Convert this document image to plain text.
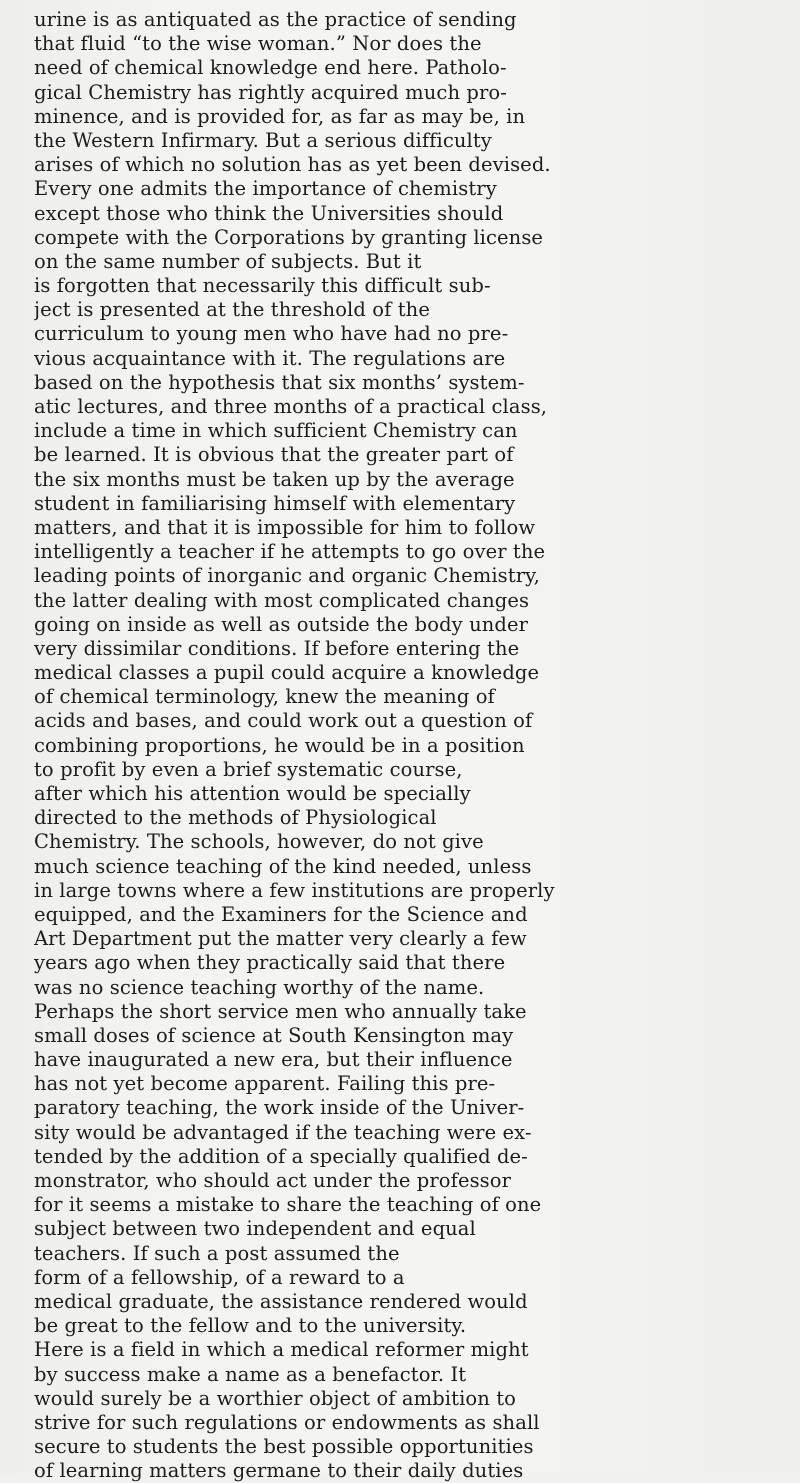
urine is as antiquated as the practice of sending
that fluid “to the wise woman.” Nor does the
need of chemical knowledge end here. Patholo-
gical Chemistry has rightly acquired much pro-
minence, and is provided for, as far as may be, in
the Western Infirmary. But a serious difficulty
arises of which no solution has as yet been devised.
Every one admits the importance of chemistry
except those who think the Universities should
compete with the Corporations by granting license
on the same number of subjects. But it
is forgotten that necessarily this difficult sub-
ject is presented at the threshold of the
curriculum to young men who have had no pre-
vious acquaintance with it. The regulations are
based on the hypothesis that six months’ system-
atic lectures, and three months of a practical class,
include a time in which sufficient Chemistry can
be learned. It is obvious that the greater part of
the six months must be taken up by the average
student in familiarising himself with elementary
matters, and that it is impossible for him to follow
intelligently a teacher if he attempts to go over the
leading points of inorganic and organic Chemistry,
the latter dealing with most complicated changes
going on inside as well as outside the body under
very dissimilar conditions. If before entering the
medical classes a pupil could acquire a knowledge
of chemical terminology, knew the meaning of
acids and bases, and could work out a question of
combining proportions, he would be in a position
to profit by even a brief systematic course,
after which his attention would be specially
directed to the methods of Physiological
Chemistry. The schools, however, do not give
much science teaching of the kind needed, unless
in large towns where a few institutions are properly
equipped, and the Examiners for the Science and
Art Department put the matter very clearly a few
years ago when they practically said that there
was no science teaching worthy of the name.
Perhaps the short service men who annually take
small doses of science at South Kensington may
have inaugurated a new era, but their influence
has not yet become apparent. Failing this pre-
paratory teaching, the work inside of the Univer-
sity would be advantaged if the teaching were ex-
tended by the addition of a specially qualified de-
monstrator, who should act under the professor
for it seems a mistake to share the teaching of one
subject between two independent and equal
teachers. If such a post assumed the
form of a fellowship, of a reward to a
medical graduate, the assistance rendered would
be great to the fellow and to the university.
Here is a field in which a medical reformer might
by success make a name as a benefactor. It
would surely be a worthier object of ambition to
strive for such regulations or endowments as shall
secure to students the best possible opportunities
of learning matters germane to their daily duties
